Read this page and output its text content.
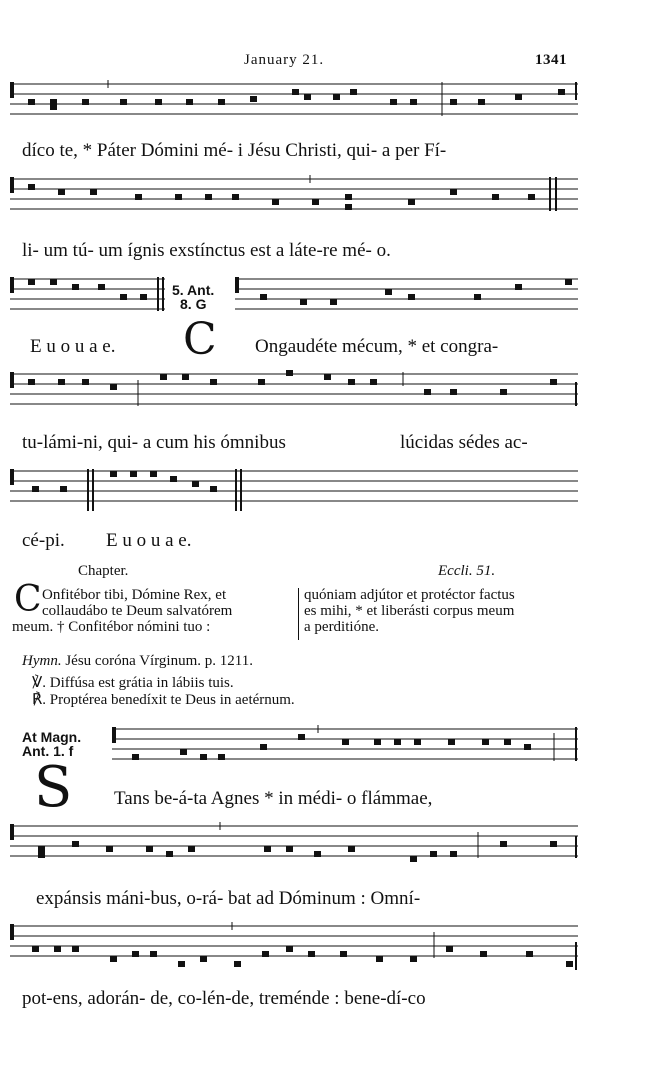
January 21.	1341
díco te, * Páter Dómini mé- i Jésu Christi, qui- a per Fí-
li- um tú- um ígnis exstínctus est a láte-re mé- o.
5. Ant.
8. G
E u o u a e. C Ongaudéte mécum, * et congra-
tu-lámi-ni, qui- a cum his ómnibus	lúcidas sédes ac-
cé-pi. E u o u a e.
Chapter.	Eccli. 51.
C Onfitébor tibi, Dómine Rex, et
collaudábo te Deum salvatórem
meum. † Confitébor nómini tuo :
quóniam adjútor et protéctor factus
es mihi, * et liberásti corpus meum
a perditióne.
Hymn. Jésu coróna Vírginum. p. 1211.
℣. Diffúsa est grátia in lábiis tuis.
℟. Proptérea benedíxit te Deus in aetérnum.
At Magn.
Ant. 1. f
S Tans be-á-ta Agnes * in médi- o flámmae,
expánsis máni-bus, o-rá- bat ad Dóminum : Omní-
pot-ens, adorán- de, co-lén-de, treménde : bene-dí-co
